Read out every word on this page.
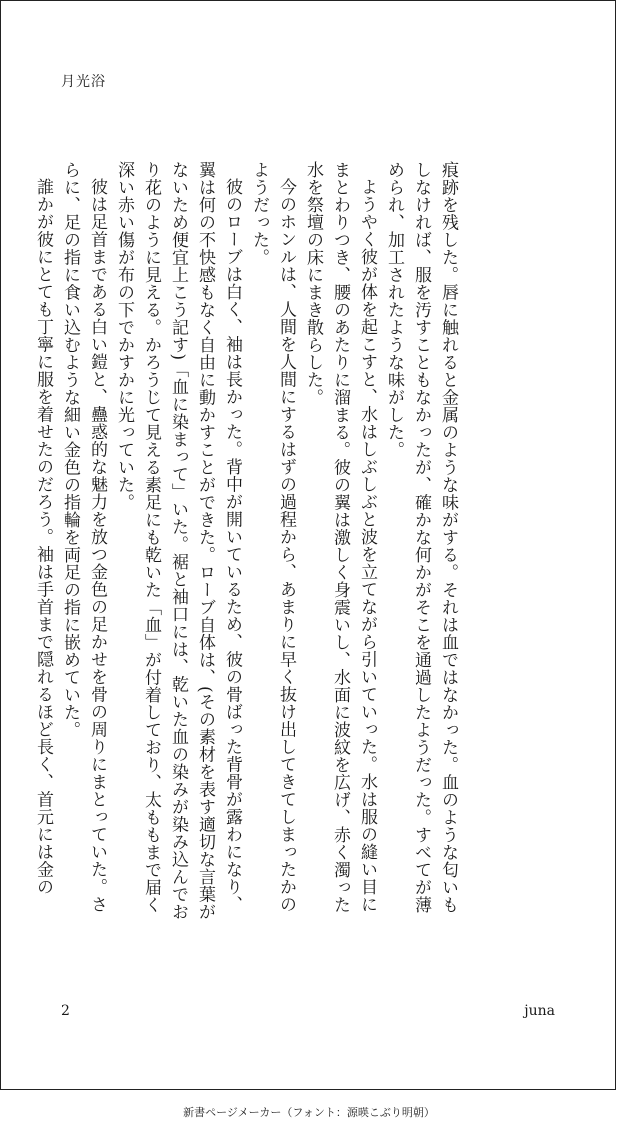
月光浴

痕跡を残した。唇に触れると金属のような味がする。それは血ではなかった。血のような匂いもしなければ、服を汚すこともなかったが、確かな何かがそこを通過したようだった。すべてが薄められ、加工されたような味がした。

ようやく彼が体を起こすと、水はしぶしぶと波を立てながら引いていった。水は服の縫い目にまとわりつき、腰のあたりに溜まる。彼の翼は激しく身震いし、水面に波紋を広げ、赤く濁った水を祭壇の床にまき散らした。

今のホンルは、人間を人間にするはずの過程から、あまりに早く抜け出してきてしまったかのようだった。

彼のローブは白く、袖は長かった。背中が開いているため、彼の骨ばった背骨が露わになり、翼は何の不快感もなく自由に動かすことができた。ローブ自体は、(その素材を表す適切な言葉がないため便宜上こう記す)「血に染まって」いた。裾と袖口には、乾いた血の染みが染み込んでおり花のように見える。かろうじて見える素足にも乾いた「血」が付着しており、太ももまで届く深い赤い傷が布の下でかすかに光っていた。

彼は足首まである白い鎧と、蠱惑的な魅力を放つ金色の足かせを骨の周りにまとっていた。さらに、足の指に食い込むような細い金色の指輪を両足の指に嵌めていた。

誰かが彼にとても丁寧に服を着せたのだろう。袖は手首まで隠れるほど長く、首元には金の

2	juna
新書ページメーカー（フォント：源暎こぶり明朝）
